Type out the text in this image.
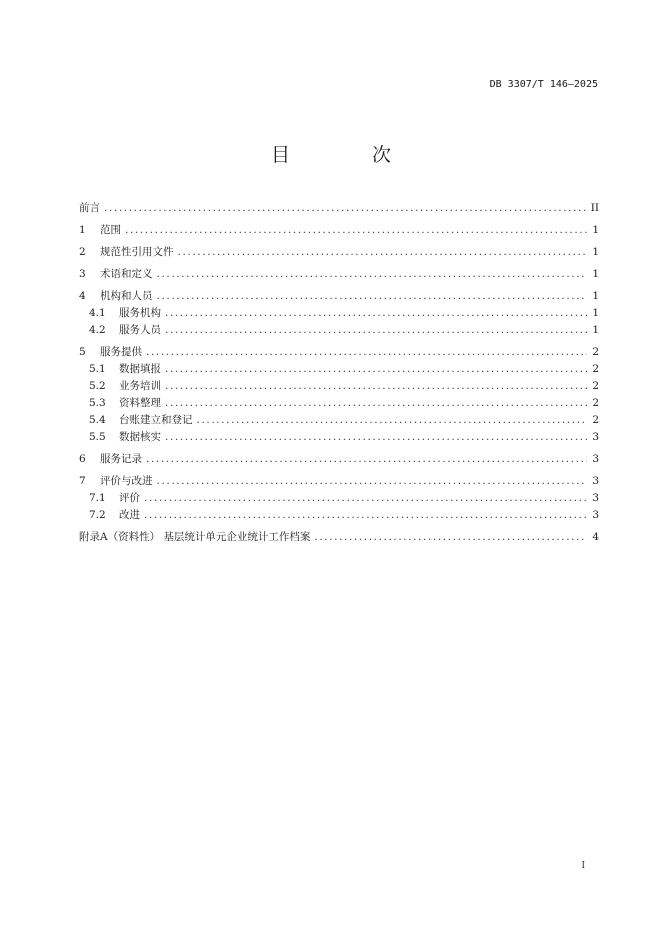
DB 3307/T 146—2025
目 次
前言 .....	II
1	范围 .....	1
2	规范性引用文件 .....	1
3	术语和定义 .....	1
4	机构和人员 .....	1
4.1	服务机构 .....	1
4.2	服务人员 .....	1
5	服务提供 .....	2
5.1	数据填报 .....	2
5.2	业务培训 .....	2
5.3	资料整理 .....	2
5.4	台账建立和登记 .....	2
5.5	数据核实 .....	3
6	服务记录 .....	3
7	评价与改进 .....	3
7.1	评价 .....	3
7.2	改进 .....	3
附录A（资料性） 基层统计单元企业统计工作档案 .....	4
I
